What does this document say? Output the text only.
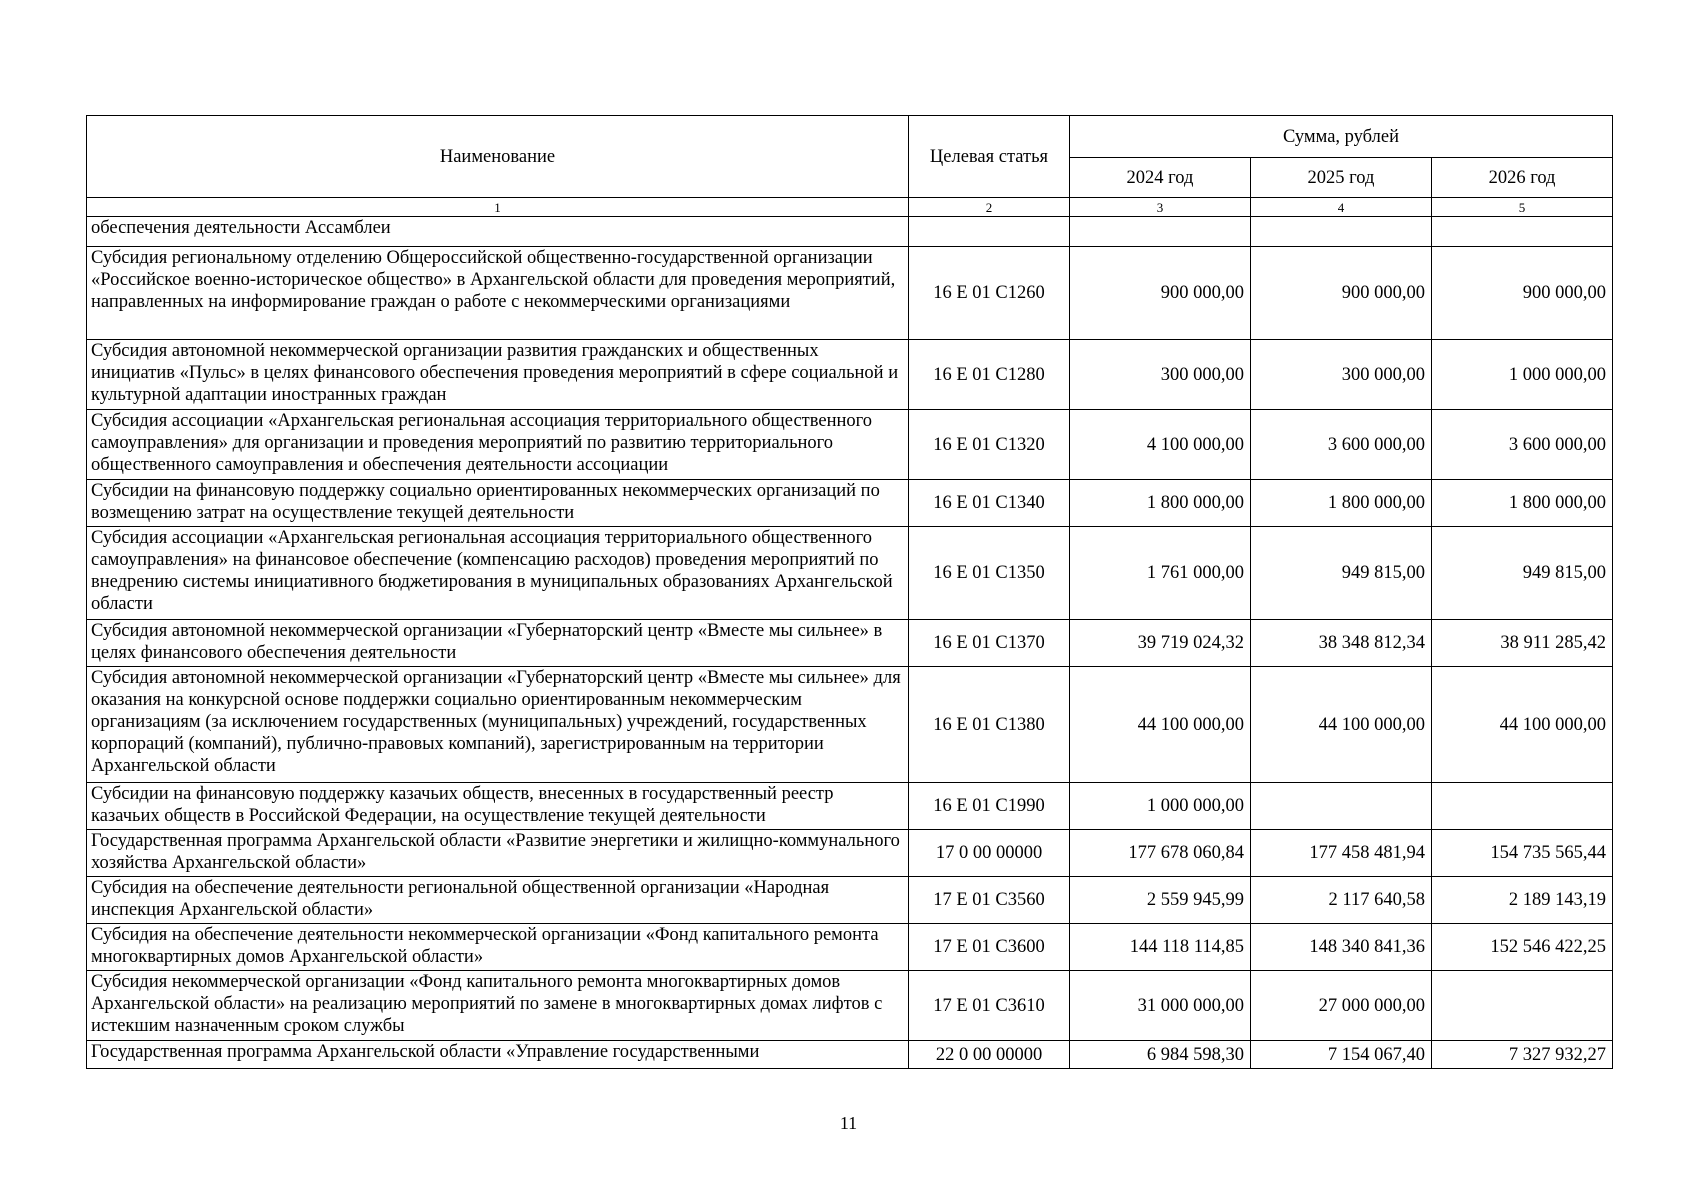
Наименование	Целевая статья	Сумма, рублей		
		2024 год	2025 год	2026 год
1	2	3	4	5
обеспечения деятельности Ассамблеи				
Субсидия региональному отделению Общероссийской общественно-государственной организации «Российское военно-историческое общество» в Архангельской области для проведения мероприятий, направленных на информирование граждан о работе с некоммерческими организациями	16 Е 01 С1260	900 000,00	900 000,00	900 000,00
Субсидия автономной некоммерческой организации развития гражданских и общественных инициатив «Пульс» в целях финансового обеспечения проведения мероприятий в сфере социальной и культурной адаптации иностранных граждан	16 Е 01 С1280	300 000,00	300 000,00	1 000 000,00
Субсидия ассоциации «Архангельская региональная ассоциация территориального общественного самоуправления» для организации и проведения мероприятий по развитию территориального общественного самоуправления и обеспечения деятельности ассоциации	16 Е 01 С1320	4 100 000,00	3 600 000,00	3 600 000,00
Субсидии на финансовую поддержку социально ориентированных некоммерческих организаций по возмещению затрат на осуществление текущей деятельности	16 Е 01 С1340	1 800 000,00	1 800 000,00	1 800 000,00
Субсидия ассоциации «Архангельская региональная ассоциация территориального общественного самоуправления» на финансовое обеспечение (компенсацию расходов) проведения мероприятий по внедрению системы инициативного бюджетирования в муниципальных образованиях Архангельской области	16 Е 01 С1350	1 761 000,00	949 815,00	949 815,00
Субсидия автономной некоммерческой организации «Губернаторский центр «Вместе мы сильнее» в целях финансового обеспечения деятельности	16 Е 01 С1370	39 719 024,32	38 348 812,34	38 911 285,42
Субсидия автономной некоммерческой организации «Губернаторский центр «Вместе мы сильнее» для оказания на конкурсной основе поддержки социально ориентированным некоммерческим организациям (за исключением государственных (муниципальных) учреждений, государственных корпораций (компаний), публично-правовых компаний), зарегистрированным на территории Архангельской области	16 Е 01 С1380	44 100 000,00	44 100 000,00	44 100 000,00
Субсидии на финансовую поддержку казачьих обществ, внесенных в государственный реестр казачьих обществ в Российской Федерации, на осуществление текущей деятельности	16 Е 01 С1990	1 000 000,00		
Государственная программа Архангельской области «Развитие энергетики и жилищно-коммунального хозяйства Архангельской области»	17 0 00 00000	177 678 060,84	177 458 481,94	154 735 565,44
Субсидия на обеспечение деятельности региональной общественной организации «Народная инспекция Архангельской области»	17 Е 01 С3560	2 559 945,99	2 117 640,58	2 189 143,19
Субсидия на обеспечение деятельности некоммерческой организации «Фонд капитального ремонта многоквартирных домов Архангельской области»	17 Е 01 С3600	144 118 114,85	148 340 841,36	152 546 422,25
Субсидия некоммерческой организации «Фонд капитального ремонта многоквартирных домов Архангельской области» на реализацию мероприятий по замене в многоквартирных домах лифтов с истекшим назначенным сроком службы	17 Е 01 С3610	31 000 000,00	27 000 000,00	
Государственная программа Архангельской области «Управление государственными	22 0 00 00000	6 984 598,30	7 154 067,40	7 327 932,27
11
